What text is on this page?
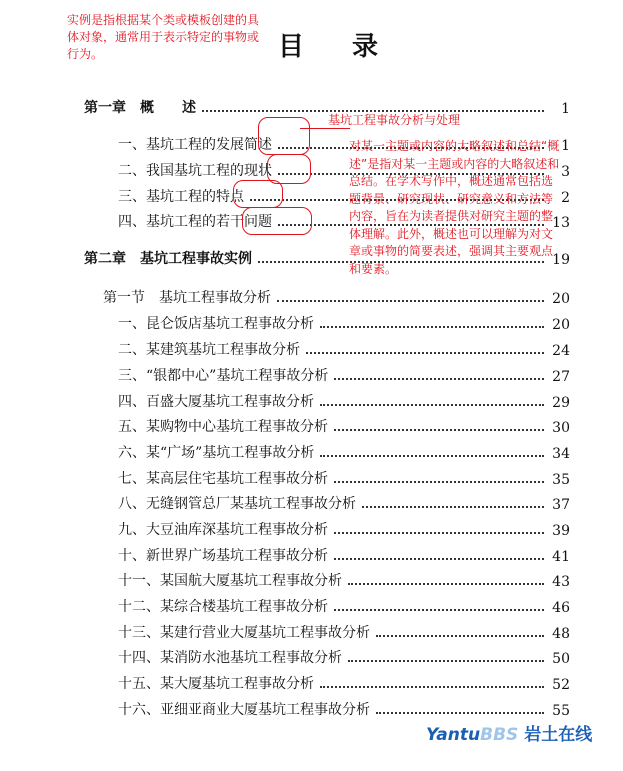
实例是指根据某个类或模板创建的具体对象，通常用于表示特定的事物或行为。	目录
第一章　概　　述	1
一、基坑工程的发展简述	1
二、我国基坑工程的现状	3
三、基坑工程的特点	2
四、基坑工程的若干问题	13
第二章　基坑工程事故实例	19
第一节　基坑工程事故分析	20
一、昆仑饭店基坑工程事故分析	20
二、某建筑基坑工程事故分析	24
三、“银都中心”基坑工程事故分析	27
四、百盛大厦基坑工程事故分析	29
五、某购物中心基坑工程事故分析	30
六、某“广场”基坑工程事故分析	34
七、某高层住宅基坑工程事故分析	35
八、无缝钢管总厂某基坑工程事故分析	37
九、大豆油库深基坑工程事故分析	39
十、新世界广场基坑工程事故分析	41
十一、某国航大厦基坑工程事故分析	43
十二、某综合楼基坑工程事故分析	46
十三、某建行营业大厦基坑工程事故分析	48
十四、某消防水池基坑工程事故分析	50
十五、某大厦基坑工程事故分析	52
十六、亚细亚商业大厦基坑工程事故分析	55
基坑工程事故分析与处理
对某一主题或内容的大略叙述和总结“概述”是指对某一主题或内容的大略叙述和总结。在学术写作中，概述通常包括选题背景、研究现状、研究意义和方法等内容，旨在为读者提供对研究主题的整体理解。此外，概述也可以理解为对文章或事物的简要表述，强调其主要观点和要素。
YantuBBS 岩土在线
